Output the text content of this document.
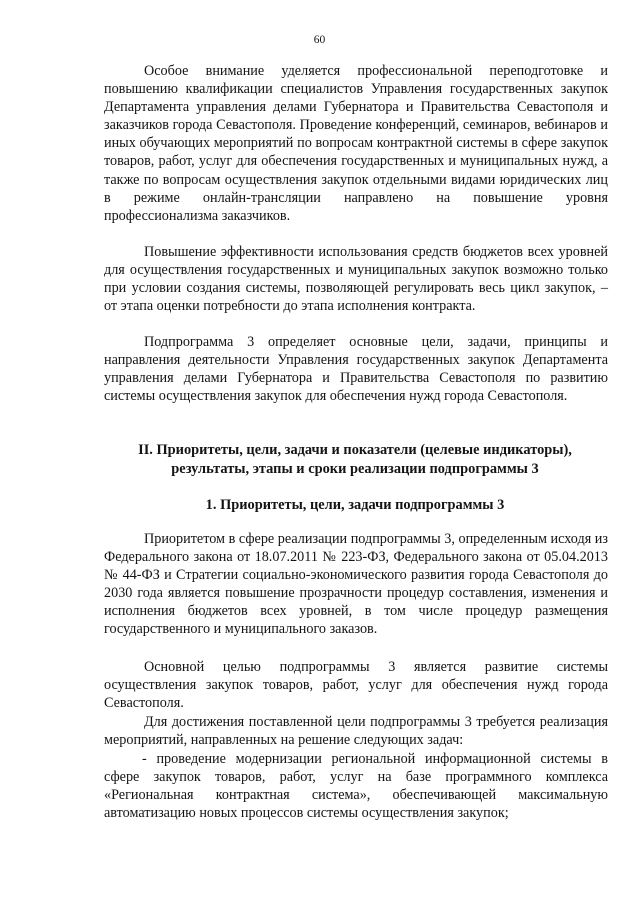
60

Особое внимание уделяется профессиональной переподготовке и повышению квалификации специалистов Управления государственных закупок Департамента управления делами Губернатора и Правительства Севастополя и заказчиков города Севастополя. Проведение конференций, семинаров, вебинаров и иных обучающих мероприятий по вопросам контрактной системы в сфере закупок товаров, работ, услуг для обеспечения государственных и муниципальных нужд, а также по вопросам осуществления закупок отдельными видами юридических лиц в режиме онлайн-трансляции направлено на повышение уровня профессионализма заказчиков.

Повышение эффективности использования средств бюджетов всех уровней для осуществления государственных и муниципальных закупок возможно только при условии создания системы, позволяющей регулировать весь цикл закупок, – от этапа оценки потребности до этапа исполнения контракта.

Подпрограмма 3 определяет основные цели, задачи, принципы и направления деятельности Управления государственных закупок Департамента управления делами Губернатора и Правительства Севастополя по развитию системы осуществления закупок для обеспечения нужд города Севастополя.

II. Приоритеты, цели, задачи и показатели (целевые индикаторы),
результаты, этапы и сроки реализации подпрограммы 3

1. Приоритеты, цели, задачи подпрограммы 3

Приоритетом в сфере реализации подпрограммы 3, определенным исходя из Федерального закона от 18.07.2011 № 223-ФЗ, Федерального закона от 05.04.2013 № 44-ФЗ и Стратегии социально-экономического развития города Севастополя до 2030 года является повышение прозрачности процедур составления, изменения и исполнения бюджетов всех уровней, в том числе процедур размещения государственного и муниципального заказов.

Основной целью подпрограммы 3 является развитие системы осуществления закупок товаров, работ, услуг для обеспечения нужд города Севастополя.

Для достижения поставленной цели подпрограммы 3 требуется реализация мероприятий, направленных на решение следующих задач:

- проведение модернизации региональной информационной системы в сфере закупок товаров, работ, услуг на базе программного комплекса «Региональная контрактная система», обеспечивающей максимальную автоматизацию новых процессов системы осуществления закупок;
